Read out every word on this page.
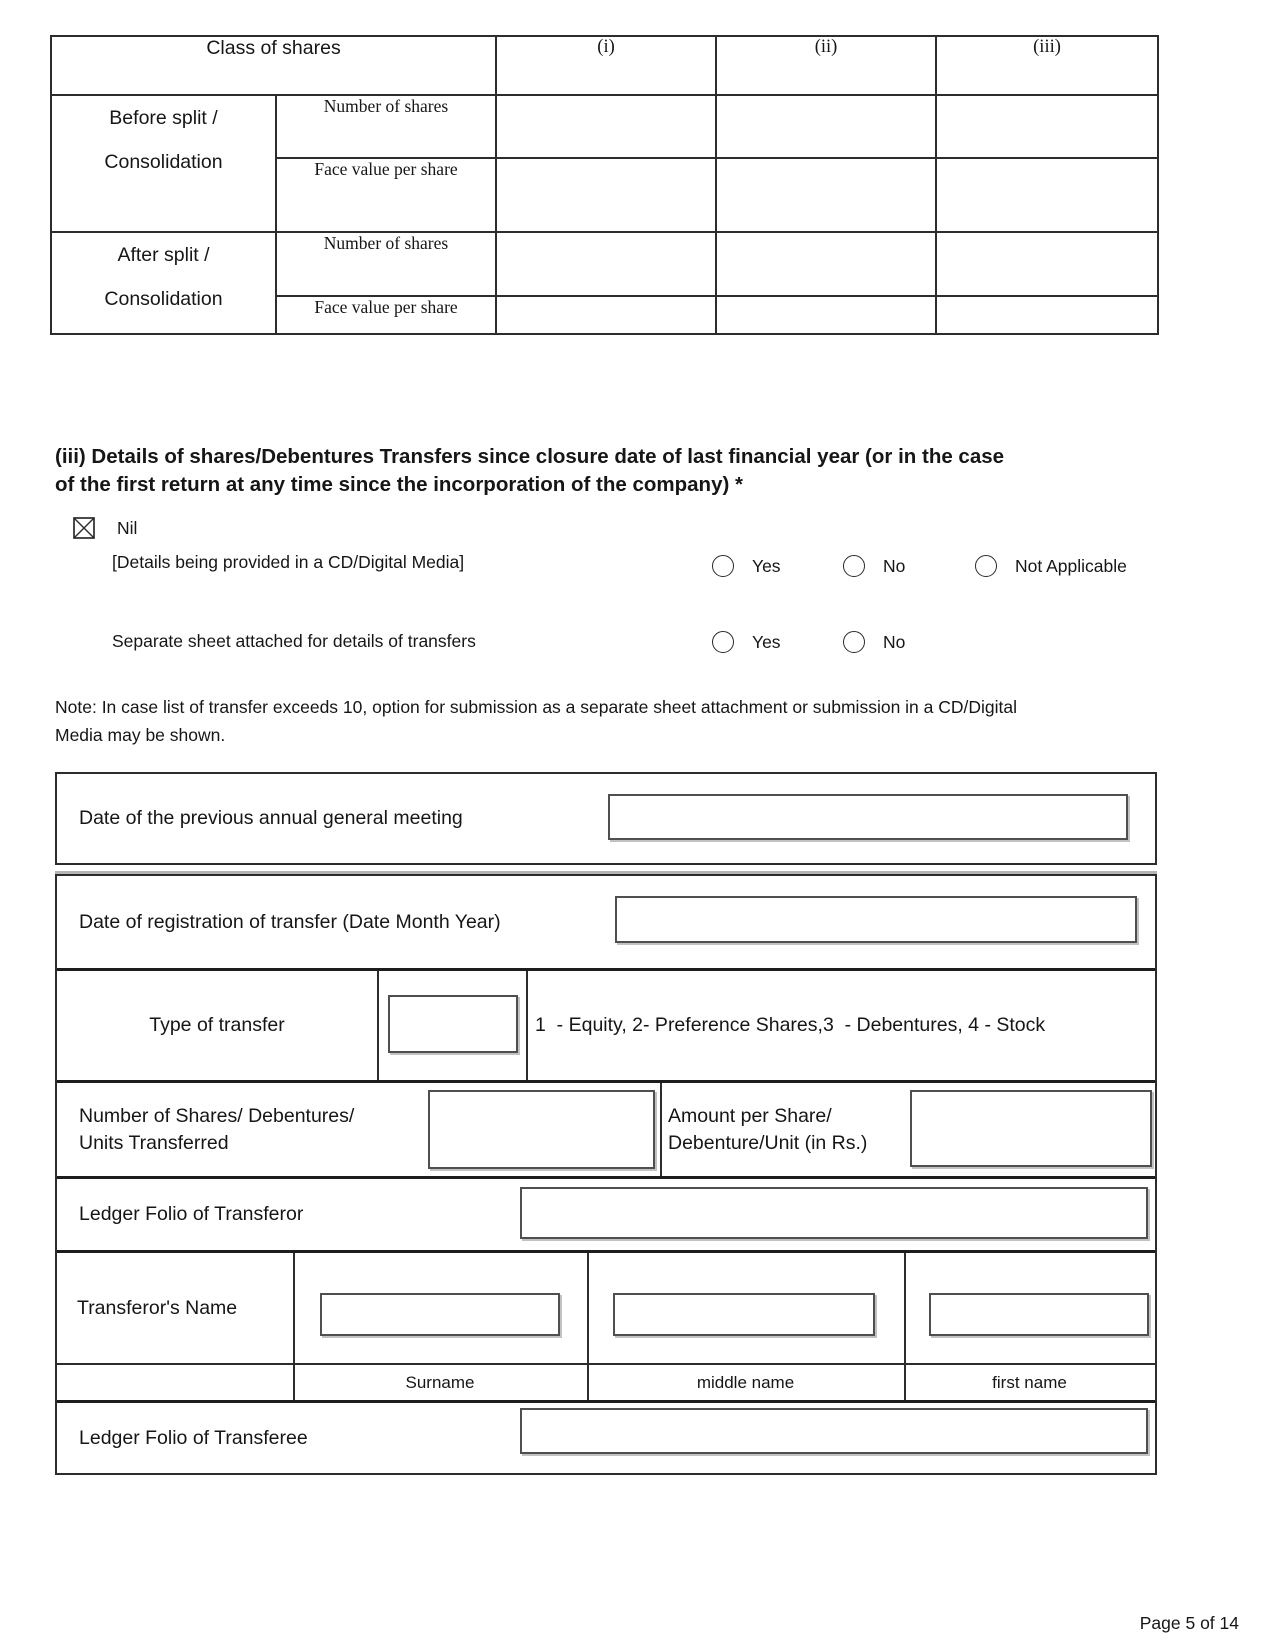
Class of shares		(i)	(ii)	(iii)

Before split /
Consolidation	Number of shares			
	Face value per share			

After split /
Consolidation	Number of shares			
	Face value per share			
(iii) Details of shares/Debentures Transfers since closure date of last financial year (or in the case
of the first return at any time since the incorporation of the company) *
Nil
[Details being provided in a CD/Digital Media]	Yes	No	Not Applicable
Separate sheet attached for details of transfers	Yes	No
Note: In case list of transfer exceeds 10, option for submission as a separate sheet attachment or submission in a CD/Digital
Media may be shown.
Date of the previous annual general meeting
Date of registration of transfer (Date Month Year)
Type of transfer	1  - Equity, 2- Preference Shares,3  - Debentures, 4 - Stock
Number of Shares/ Debentures/ Units Transferred
Amount per Share/ Debenture/Unit (in Rs.)
Ledger Folio of Transferor
Transferor's Name
Surname	middle name	first name
Ledger Folio of Transferee
Page 5 of 14
